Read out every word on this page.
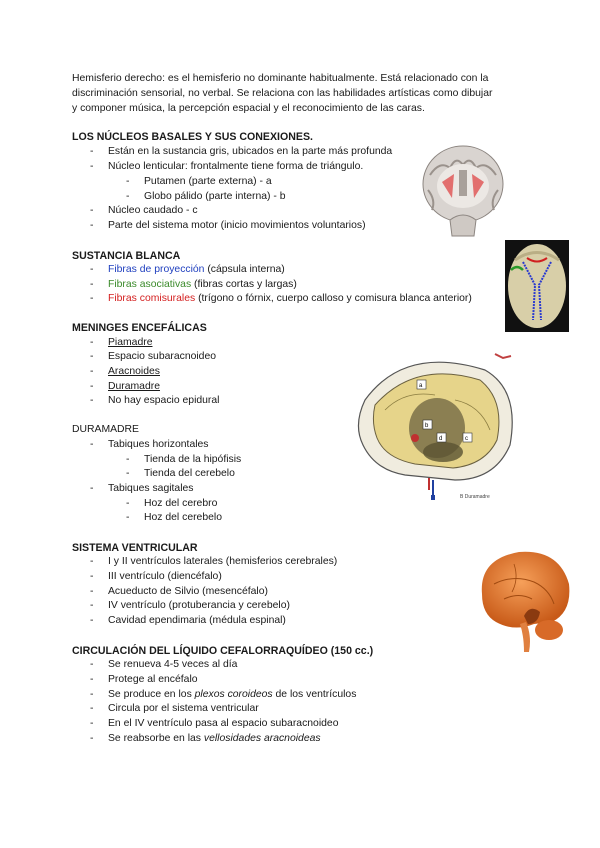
Hemisferio derecho: es el hemisferio no dominante habitualmente. Está relacionado con la
discriminación sensorial, no verbal. Se relaciona con las habilidades artísticas como dibujar
y componer música, la percepción espacial y el reconocimiento de las caras.
LOS NÚCLEOS BASALES Y SUS CONEXIONES.
- Están en la sustancia gris, ubicados en la parte más profunda
- Núcleo lenticular: frontalmente tiene forma de triángulo.
- Putamen (parte externa) - a
- Globo pálido (parte interna) - b
- Núcleo caudado - c
- Parte del sistema motor (inicio movimientos voluntarios)
SUSTANCIA BLANCA
- Fibras de proyección (cápsula interna)
- Fibras asociativas (fibras cortas y largas)
- Fibras comisurales (trígono o fórnix, cuerpo calloso y comisura blanca anterior)
MENINGES ENCEFÁLICAS
- Piamadre
- Espacio subaracnoideo
- Aracnoides
- Duramadre
- No hay espacio epidural
DURAMADRE
- Tabiques horizontales
- Tienda de la hipófisis
- Tienda del cerebelo
- Tabiques sagitales
- Hoz del cerebro
- Hoz del cerebelo
a
b
c
d
B Duramadre
SISTEMA VENTRICULAR
- I y II ventrículos laterales (hemisferios cerebrales)
- III ventrículo (diencéfalo)
- Acueducto de Silvio (mesencéfalo)
- IV ventrículo (protuberancia y cerebelo)
- Cavidad ependimaria (médula espinal)
CIRCULACIÓN DEL LÍQUIDO CEFALORRAQUÍDEO (150 cc.)
- Se renueva 4-5 veces al día
- Protege al encéfalo
- Se produce en los plexos coroideos de los ventrículos
- Circula por el sistema ventricular
- En el IV ventrículo pasa al espacio subaracnoideo
- Se reabsorbe en las vellosidades aracnoideas
